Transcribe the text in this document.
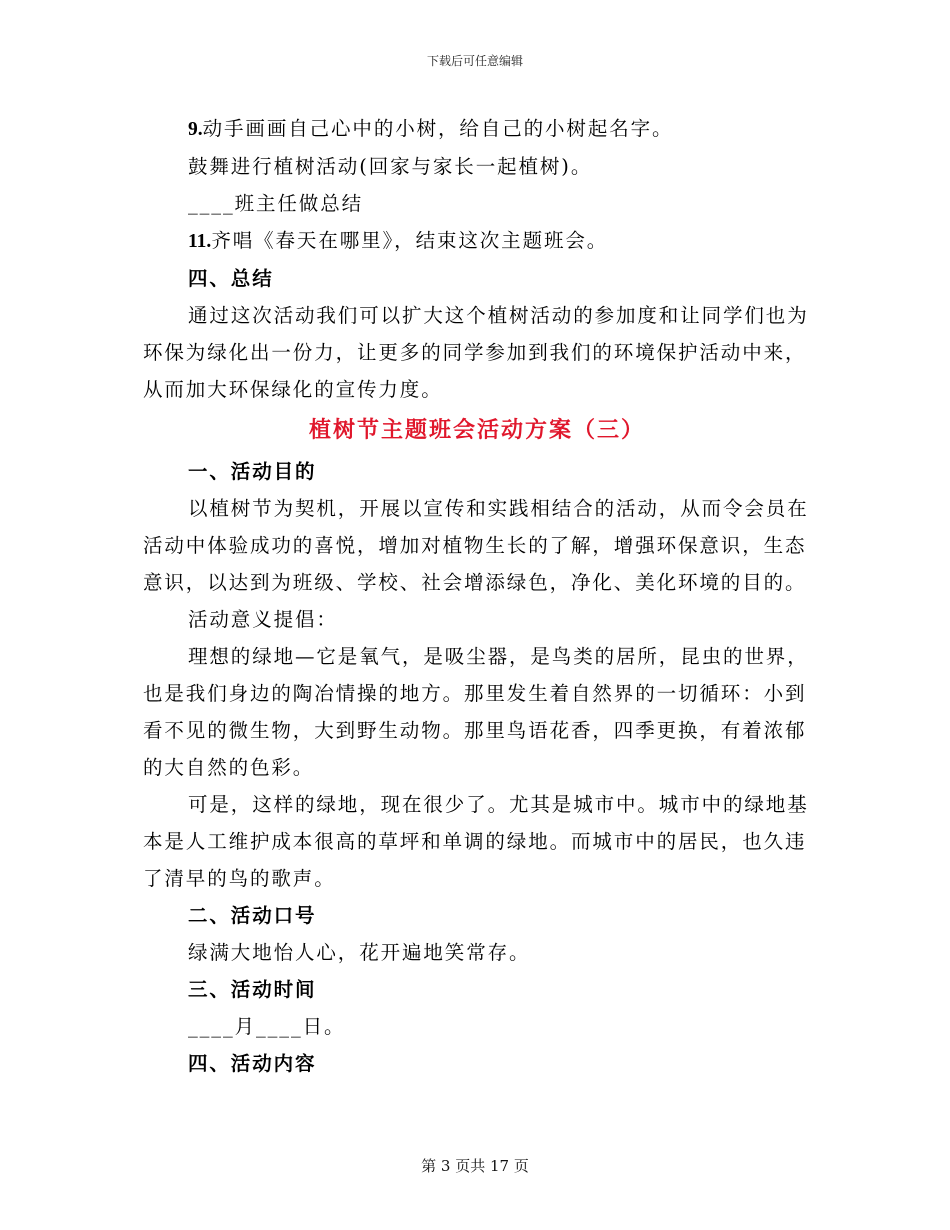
下载后可任意编辑

9.动手画画自己心中的小树，给自己的小树起名字。

鼓舞进行植树活动(回家与家长一起植树)。

____班主任做总结

11.齐唱《春天在哪里》，结束这次主题班会。

四、总结

通过这次活动我们可以扩大这个植树活动的参加度和让同学们也为环保为绿化出一份力，让更多的同学参加到我们的环境保护活动中来，从而加大环保绿化的宣传力度。

植树节主题班会活动方案（三）

一、活动目的

以植树节为契机，开展以宣传和实践相结合的活动，从而令会员在活动中体验成功的喜悦，增加对植物生长的了解，增强环保意识，生态意识，以达到为班级、学校、社会增添绿色，净化、美化环境的目的。

活动意义提倡：

理想的绿地—它是氧气，是吸尘器，是鸟类的居所，昆虫的世界，也是我们身边的陶冶情操的地方。那里发生着自然界的一切循环：小到看不见的微生物，大到野生动物。那里鸟语花香，四季更换，有着浓郁的大自然的色彩。

可是，这样的绿地，现在很少了。尤其是城市中。城市中的绿地基本是人工维护成本很高的草坪和单调的绿地。而城市中的居民，也久违了清早的鸟的歌声。

二、活动口号

绿满大地怡人心，花开遍地笑常存。

三、活动时间

____月____日。

四、活动内容

第 3 页共 17 页
